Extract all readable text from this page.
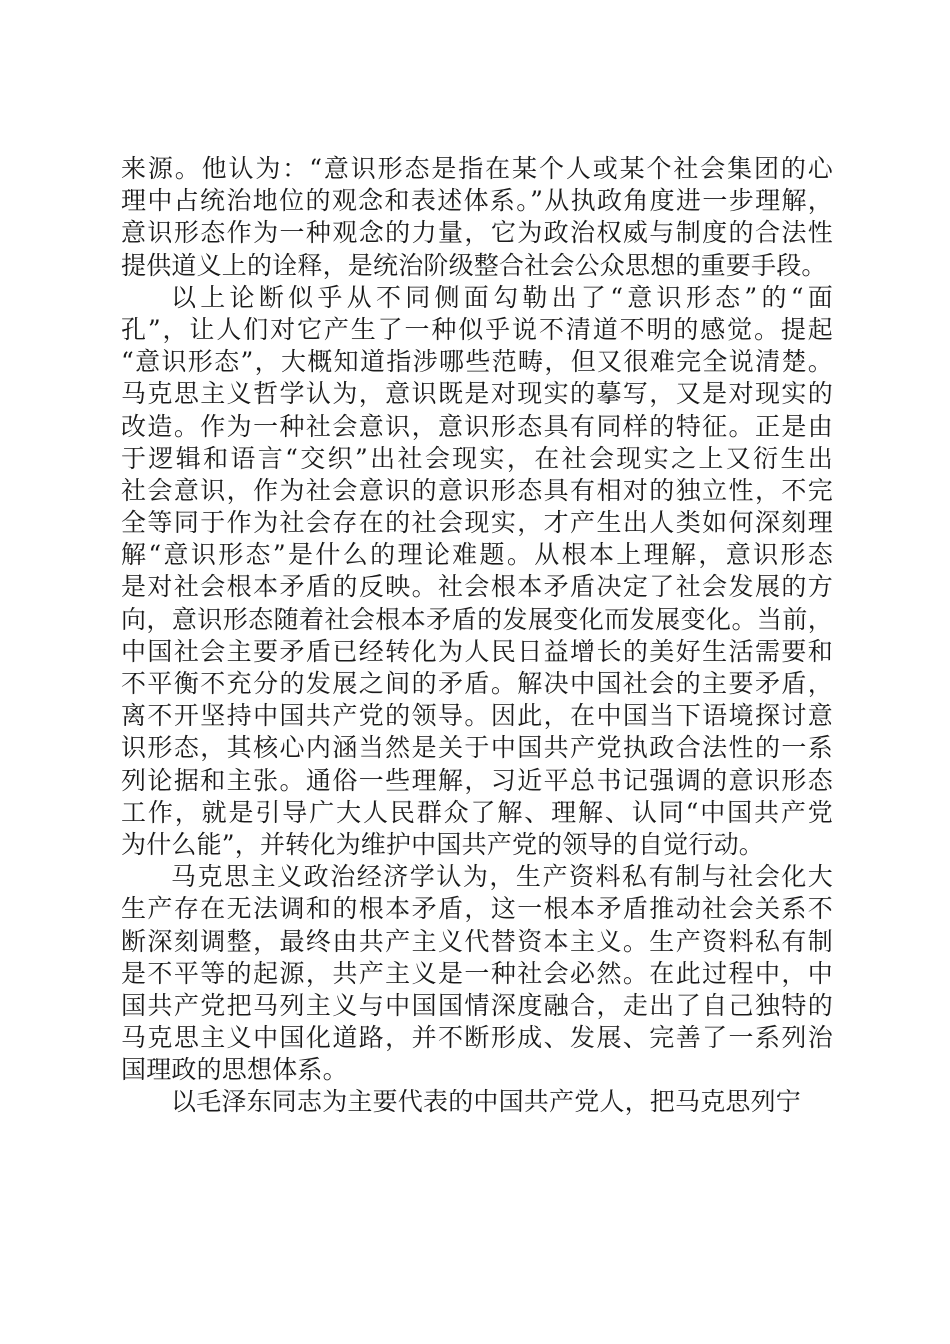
来源。他认为：“意识形态是指在某个人或某个社会集团的心
理中占统治地位的观念和表述体系。”从执政角度进一步理解，
意识形态作为一种观念的力量，它为政治权威与制度的合法性
提供道义上的诠释，是统治阶级整合社会公众思想的重要手段。
以上论断似乎从不同侧面勾勒出了“意识形态”的“面
孔”，让人们对它产生了一种似乎说不清道不明的感觉。提起
“意识形态”，大概知道指涉哪些范畴，但又很难完全说清楚。
马克思主义哲学认为，意识既是对现实的摹写，又是对现实的
改造。作为一种社会意识，意识形态具有同样的特征。正是由
于逻辑和语言“交织”出社会现实，在社会现实之上又衍生出
社会意识，作为社会意识的意识形态具有相对的独立性，不完
全等同于作为社会存在的社会现实，才产生出人类如何深刻理
解“意识形态”是什么的理论难题。从根本上理解，意识形态
是对社会根本矛盾的反映。社会根本矛盾决定了社会发展的方
向，意识形态随着社会根本矛盾的发展变化而发展变化。当前，
中国社会主要矛盾已经转化为人民日益增长的美好生活需要和
不平衡不充分的发展之间的矛盾。解决中国社会的主要矛盾，
离不开坚持中国共产党的领导。因此，在中国当下语境探讨意
识形态，其核心内涵当然是关于中国共产党执政合法性的一系
列论据和主张。通俗一些理解，习近平总书记强调的意识形态
工作，就是引导广大人民群众了解、理解、认同“中国共产党
为什么能”，并转化为维护中国共产党的领导的自觉行动。
马克思主义政治经济学认为，生产资料私有制与社会化大
生产存在无法调和的根本矛盾，这一根本矛盾推动社会关系不
断深刻调整，最终由共产主义代替资本主义。生产资料私有制
是不平等的起源，共产主义是一种社会必然。在此过程中，中
国共产党把马列主义与中国国情深度融合，走出了自己独特的
马克思主义中国化道路，并不断形成、发展、完善了一系列治
国理政的思想体系。
以毛泽东同志为主要代表的中国共产党人，把马克思列宁
